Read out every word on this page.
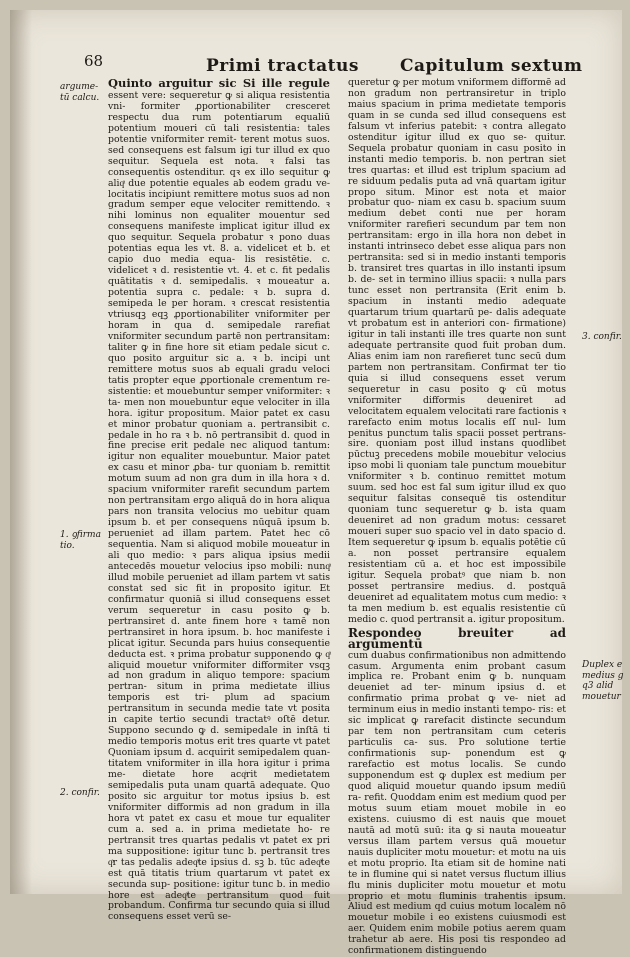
68	Primi tractatus Capitulum sextum
argume- tū calcu.
1. ꝯfirma tio.
2. confir.
3. confir.
Duplex e medius g q3 alid mouetur

Quinto arguitur sic Si ille regule essent vere: sequeretur ꝙ si aliqua resistentia vni- formiter ꝓportionabiliter cresceret respectu dua rum potentiarum equaliū potentium moueri cū tali resistentia: tales potentie vniformiter remit- terent motus suos. sed consequens est falsum igi tur illud ex quo sequitur. Sequela est nota. ꝛ falsi tas consequentis ostenditur. qꝛ ex illo sequitur ꝙ aliqͣ due potentie equales ab eodem gradu ve- locitatis incipiunt remittere motus suos ad non gradum semper eque velociter remittendo. ꝛ nihi lominus non equaliter mouentur sed consequens manifeste implicat igitur illud ex quo sequitur. Sequela probatur ꝛ pono duas potentias equa les vt. 8. a. videlicet et b. et capio duo media equa- lis resistētie. c. videlicet ꝛ d. resistentie vt. 4. et c. fit pedalis quātitatis ꝛ d. semipedalis. ꝛ moueatur a. potentia supra c. pedale: ꝛ b. supra d. semipeda le per horam. ꝛ crescat resistentia vtriusqꝫ eqꝫ ꝓportionabiliter vniformiter per horam in qua d. semipedale rarefiat vniformiter secundum partē non pertransitam: taliter ꝙ in fine hore sit etiam pedale sicut c. quo posito arguitur sic a. ꝛ b. incipi unt remittere motus suos ab equali gradu veloci tatis propter eque ꝓportionale crementum re- sistentie: et mouebuntur semper vniformiter: ꝛ ta- men non mouebuntur eque velociter in illa hora. igitur propositum. Maior patet ex casu et minor probatur quoniam a. pertransibit c. pedale in ho ra ꝛ b. nō pertransibit d. quod in fine precise erit pedale nec aliquod tantum: igitur non equaliter mouebuntur. Maior patet ex casu et minor ꝓba- tur quoniam b. remittit motum suum ad non gra dum in illa hora ꝛ d. spacium vniformiter rarefit secundum partem non pertransitam ergo aliquā do in hora aliqua pars non transita velocius mo uebitur quam ipsum b. et per consequens nūquā ipsum b. perueniet ad illam partem. Patet hec cō sequentia. Nam si aliquod mobile moueatur in ali quo medio: ꝛ pars aliqua ipsius medii antecedēs mouetur velocius ipso mobili: nunqͣ illud mobile perueniet ad illam partem vt satis constat sed sic fit in proposito igitur. Et confirmatur quoniā si illud consequens esset verum sequeretur in casu posito ꝙ b. pertransiret d. ante finem hore ꝛ tamē non pertransiret in hora ipsum. b. hoc manifeste i plicat igitur. Secunda pars huius consequentie deducta est. ꝛ prima probatur supponendo ꝙ qͣ aliquid mouetur vniformiter difformiter vsqꝫ ad non gradum in aliquo tempore: spacium pertran- situm in prima medietate illius temporis est tri- plum ad spacium pertransitum in secunda medie tate vt posita in capite tertio secundi tractatꝰ oſtē detur. Suppono secundo ꝙ d. semipedale in inſtā ti medio temporis motus erit tres quarte vt patet Quoniam ipsum d. acquirit semipedalem quan- titatem vniformiter in illa hora igitur i prima me- dietate hore acqͥrit medietatem semipedalis puta unam quartā adequate. Quo posito sic arguitur tor motus ipsius b. est vniformiter difformis ad non gradum in illa hora vt patet ex casu et moue tur equaliter cum a. sed a. in prima medietate ho- re pertransit tres quartas pedalis vt patet ex pri ma suppositione: igitur tunc b. pertransit tres qͣr tas pedalis adeqͣte ipsius d. sꝫ b. tūc adeqͣte est quā titatis trium quartarum vt patet ex secunda sup- positione: igitur tunc b. in medio hore est adeqͣte pertransitum quod fuit probandum. Confirma tur secundo quia si illud consequens esset verū se-

queretur ꝙ per motum vniformem difformē ad non gradum non pertransiretur in triplo maius spacium in prima medietate temporis quam in se cunda sed illud consequens est falsum vt inferius patebit: ꝛ contra allegato ostenditur igitur illud ex quo se- quitur. Sequela probatur quoniam in casu posito in instanti medio temporis. b. non pertran siet tres quartas: et illud est triplum spacium ad re siduum pedalis puta ad vnā quartam igitur propo situm. Minor est nota et maior probatur quo- niam ex casu b. spacium suum medium debet conti nue per horam vniformiter rarefieri secundum par tem non pertransitam: ergo in illa hora non debet in instanti intrinseco debet esse aliqua pars non pertransita: sed si in medio instanti temporis b. transiret tres quartas in illo instanti ipsum b. de- set in termino illius spacii: ꝛ nulla pars tunc esset non pertransita (Erit enim b. spacium in instanti medio adequate quartarum trium quartarū pe- dalis adequate vt probatum est in anteriori con- firmatione) igitur in tali instanti ille tres quarte non sunt adequate pertransite quod fuit proban dum. Alias enim iam non rarefieret tunc secū dum partem non pertransitam. Confirmat ter tio quia si illud consequens esset verum sequeretur in casu posito ꝙ cū motus vniformiter difformis deueniret ad velocitatem equalem velocitati rare factionis ꝛ rarefacto enim motus localis eſſ nul- lum penitus punctum talis spacii posset pertrans- sire. quoniam post illud instans quodlibet pūctuꝫ precedens mobile mouebitur velocius ipso mobi li quoniam tale punctum mouebitur vniformiter ꝛ b. continuo remittet motum suum. sed hoc est fal sum igitur illud ex quo sequitur falsitas consequē tis ostenditur quoniam tunc sequeretur ꝙ b. ista quam deueniret ad non gradum motus: cessaret moueri super suo spacio vel in dato spacio d. Item sequeretur ꝙ ipsum b. equalis potētie cū a. non posset pertransire equalem resistentiam cū a. et hoc est impossibile igitur. Sequela probatꝰ que niam b. non posset pertransire medius. d. postquā deueniret ad equalitatem motus cum medio: ꝛ ta men medium b. est equalis resistentie cū medio c. quod pertransit a. igitur propositum.

Respondeo breuiter ad argumentū

cum duabus confirmationibus non admittendo casum. Argumenta enim probant casum implica re. Probant enim ꝙ b. nunquam deueniet ad ter- minum ipsius d. et confirmatio prima probat ꝙ ve- niet ad terminum eius in medio instanti tempo- ris: et sic implicat ꝙ rarefacit distincte secundum par tem non pertransitam cum ceteris particulis ca- sus. Pro solutione tertie confirmationis sup- ponendum est ꝙ rarefactio est motus localis. Se cundo supponendum est ꝙ duplex est medium per quod aliquid mouetur quando ipsum mediū ra- refit. Quoddam enim est medium quod per motus suum etiam mouet mobile in eo existens. cuiusmo di est nauis que mouet nautā ad motū suū: ita ꝙ si nauta moueatur versus illam partem versus quā mouetur nauis dupliciter motu mouetur: et motu na uis et motu proprio. Ita etiam sit de homine nati te in flumine qui si natet versus fluctum illius flu minis dupliciter motu mouetur et motu proprio et motu fluminis trahentis ipsum. Aliud est medium qd cuius motum localem nō mouetur mobile i eo existens cuiusmodi est aer. Quidem enim mobile potius aerem quam trahetur ab aere. His posi tis respondeo ad confirmationem distinguendo
